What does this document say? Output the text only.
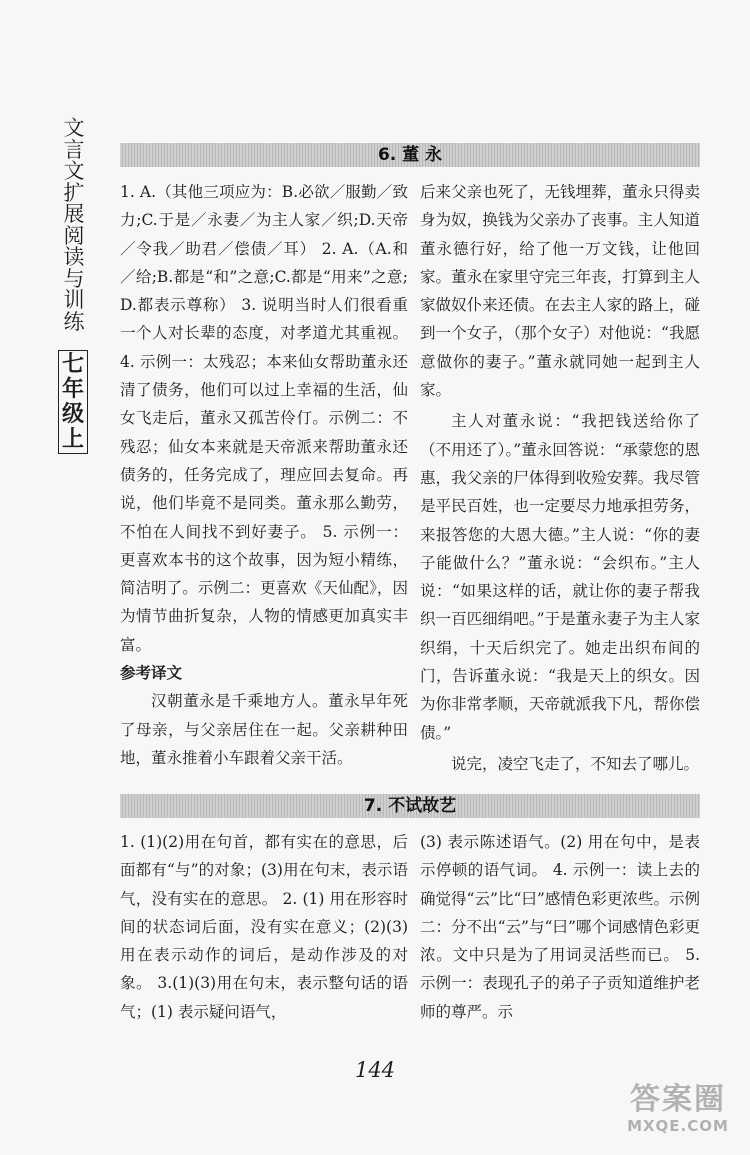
文
言
文
扩
展
阅
读
与
训
练
七
年
级
上
6. 董 永

1. A.（其他三项应为：B.必欲／服勤／致力;C.于是／永妻／为主人家／织;D.天帝／令我／助君／偿债／耳） 2. A.（A.和／给;B.都是“和”之意;C.都是“用来”之意;D.都表示尊称） 3. 说明当时人们很看重一个人对长辈的态度，对孝道尤其重视。 4. 示例一：太残忍；本来仙女帮助董永还清了债务，他们可以过上幸福的生活，仙女飞走后，董永又孤苦伶仃。示例二：不残忍；仙女本来就是天帝派来帮助董永还债务的，任务完成了，理应回去复命。再说，他们毕竟不是同类。董永那么勤劳，不怕在人间找不到好妻子。 5. 示例一：更喜欢本书的这个故事，因为短小精练，简洁明了。示例二：更喜欢《天仙配》，因为情节曲折复杂，人物的情感更加真实丰富。

参考译文

汉朝董永是千乘地方人。董永早年死了母亲，与父亲居住在一起。父亲耕种田地，董永推着小车跟着父亲干活。

后来父亲也死了，无钱埋葬，董永只得卖身为奴，换钱为父亲办了丧事。主人知道董永德行好，给了他一万文钱，让他回家。董永在家里守完三年丧，打算到主人家做奴仆来还债。在去主人家的路上，碰到一个女子，（那个女子）对他说：“我愿意做你的妻子。”董永就同她一起到主人家。

主人对董永说：“我把钱送给你了（不用还了）。”董永回答说：“承蒙您的恩惠，我父亲的尸体得到收殓安葬。我尽管是平民百姓，也一定要尽力地承担劳务，来报答您的大恩大德。”主人说：“你的妻子能做什么？”董永说：“会织布。”主人说：“如果这样的话，就让你的妻子帮我织一百匹细绢吧。”于是董永妻子为主人家织绢，十天后织完了。她走出织布间的门，告诉董永说：“我是天上的织女。因为你非常孝顺，天帝就派我下凡，帮你偿债。”

说完，凌空飞走了，不知去了哪儿。

7. 不试故艺

1. (1)(2)用在句首，都有实在的意思，后面都有“与”的对象；(3)用在句末，表示语气，没有实在的意思。 2. (1) 用在形容时间的状态词后面，没有实在意义；(2)(3)用在表示动作的词后，是动作涉及的对象。 3.(1)(3)用在句末，表示整句话的语气；(1) 表示疑问语气，

(3) 表示陈述语气。(2) 用在句中，是表示停顿的语气词。 4. 示例一：读上去的确觉得“云”比“曰”感情色彩更浓些。示例二：分不出“云”与“曰”哪个词感情色彩更浓。文中只是为了用词灵活些而已。 5. 示例一：表现孔子的弟子子贡知道维护老师的尊严。示

144
答案圈
MXQE.COM
